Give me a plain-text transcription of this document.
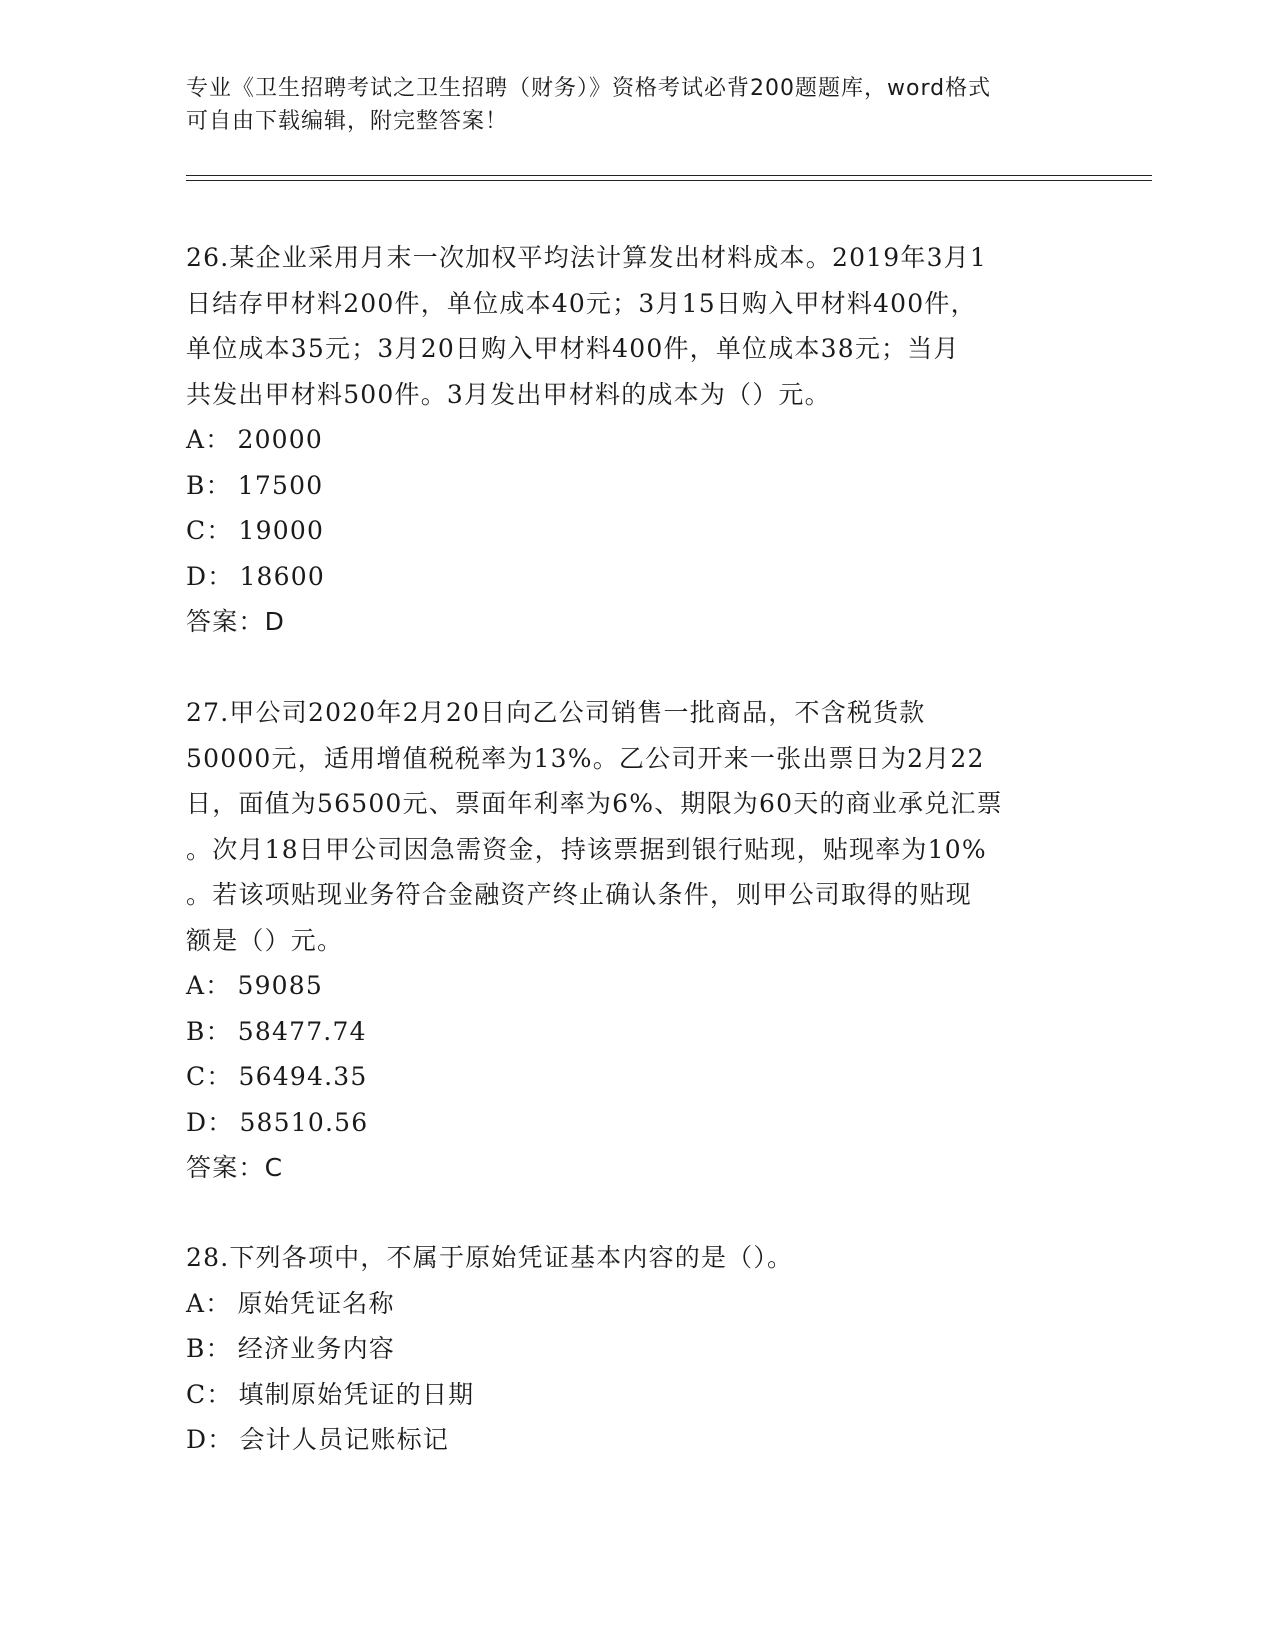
专业《卫生招聘考试之卫生招聘（财务）》资格考试必背200题题库，word格式
可自由下载编辑，附完整答案！
26.某企业采用月末一次加权平均法计算发出材料成本。2019年3月1
日结存甲材料200件，单位成本40元；3月15日购入甲材料400件，
单位成本35元；3月20日购入甲材料400件，单位成本38元；当月
共发出甲材料500件。3月发出甲材料的成本为（）元。
A： 20000
B： 17500
C： 19000
D： 18600
答案：D
27.甲公司2020年2月20日向乙公司销售一批商品，不含税货款
50000元，适用增值税税率为13%。乙公司开来一张出票日为2月22
日，面值为56500元、票面年利率为6%、期限为60天的商业承兑汇票
。次月18日甲公司因急需资金，持该票据到银行贴现，贴现率为10%
。若该项贴现业务符合金融资产终止确认条件，则甲公司取得的贴现
额是（）元。
A： 59085
B： 58477.74
C： 56494.35
D： 58510.56
答案：C
28.下列各项中，不属于原始凭证基本内容的是（）。
A： 原始凭证名称
B： 经济业务内容
C： 填制原始凭证的日期
D： 会计人员记账标记
